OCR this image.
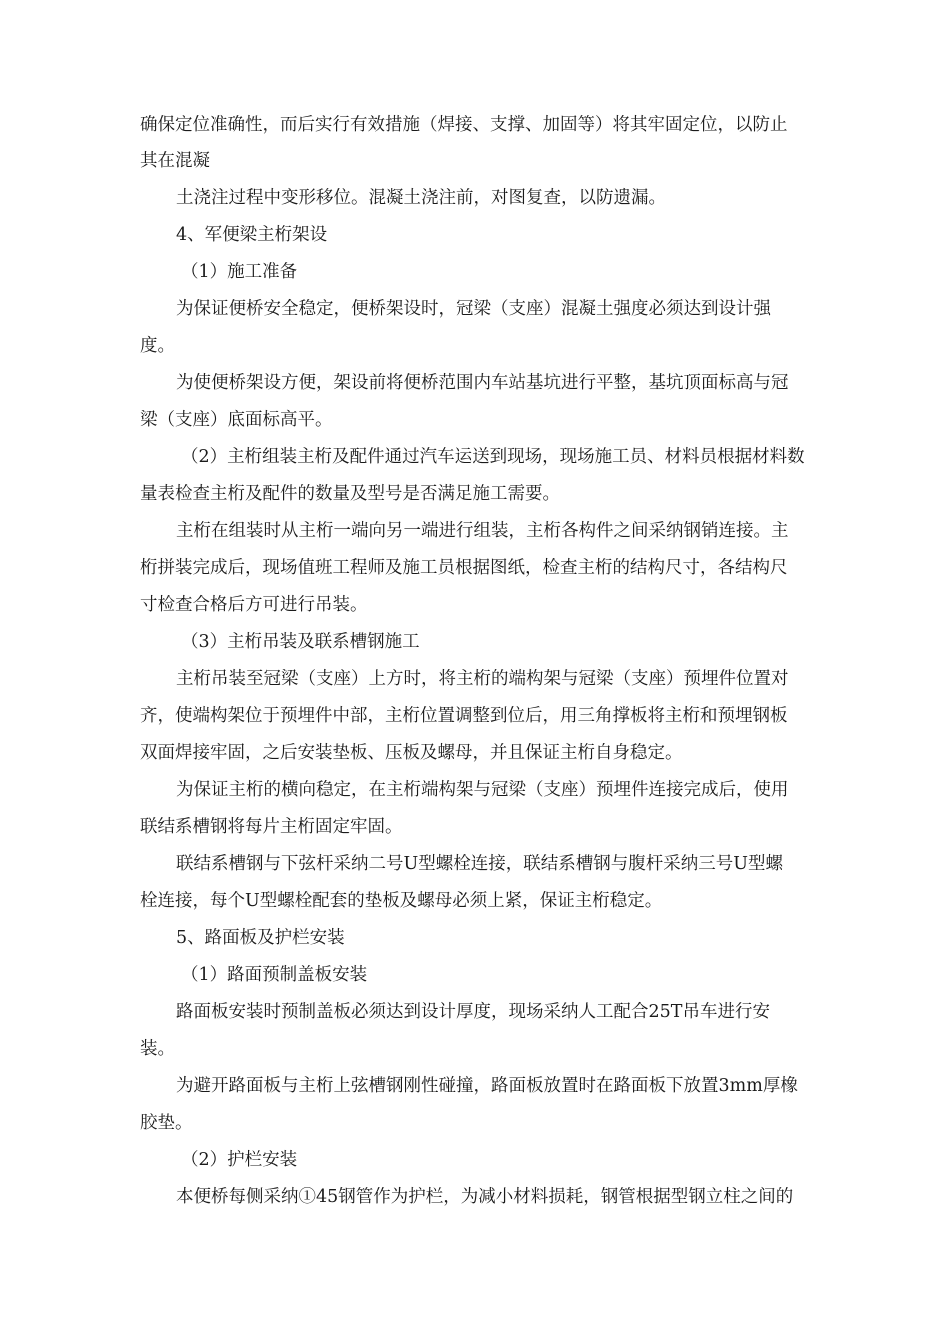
确保定位准确性，而后实行有效措施（焊接、支撑、加固等）将其牢固定位，以防止
其在混凝
土浇注过程中变形移位。混凝土浇注前，对图复查，以防遗漏。
4、军便梁主桁架设
（1）施工准备
为保证便桥安全稳定，便桥架设时，冠梁（支座）混凝土强度必须达到设计强
度。
为使便桥架设方便，架设前将便桥范围内车站基坑进行平整，基坑顶面标高与冠
梁（支座）底面标高平。
（2）主桁组装主桁及配件通过汽车运送到现场，现场施工员、材料员根据材料数
量表检查主桁及配件的数量及型号是否满足施工需要。
主桁在组装时从主桁一端向另一端进行组装，主桁各构件之间采纳钢销连接。主
桁拼装完成后，现场值班工程师及施工员根据图纸，检查主桁的结构尺寸，各结构尺
寸检查合格后方可进行吊装。
（3）主桁吊装及联系槽钢施工
主桁吊装至冠梁（支座）上方时，将主桁的端构架与冠梁（支座）预埋件位置对
齐，使端构架位于预埋件中部，主桁位置调整到位后，用三角撑板将主桁和预埋钢板
双面焊接牢固，之后安装垫板、压板及螺母，并且保证主桁自身稳定。
为保证主桁的横向稳定，在主桁端构架与冠梁（支座）预埋件连接完成后，使用
联结系槽钢将每片主桁固定牢固。
联结系槽钢与下弦杆采纳二号U型螺栓连接，联结系槽钢与腹杆采纳三号U型螺
栓连接，每个U型螺栓配套的垫板及螺母必须上紧，保证主桁稳定。
5、路面板及护栏安装
（1）路面预制盖板安装
路面板安装时预制盖板必须达到设计厚度，现场采纳人工配合25T吊车进行安
装。
为避开路面板与主桁上弦槽钢刚性碰撞，路面板放置时在路面板下放置3mm厚橡
胶垫。
（2）护栏安装
本便桥每侧采纳①45钢管作为护栏，为减小材料损耗，钢管根据型钢立柱之间的
